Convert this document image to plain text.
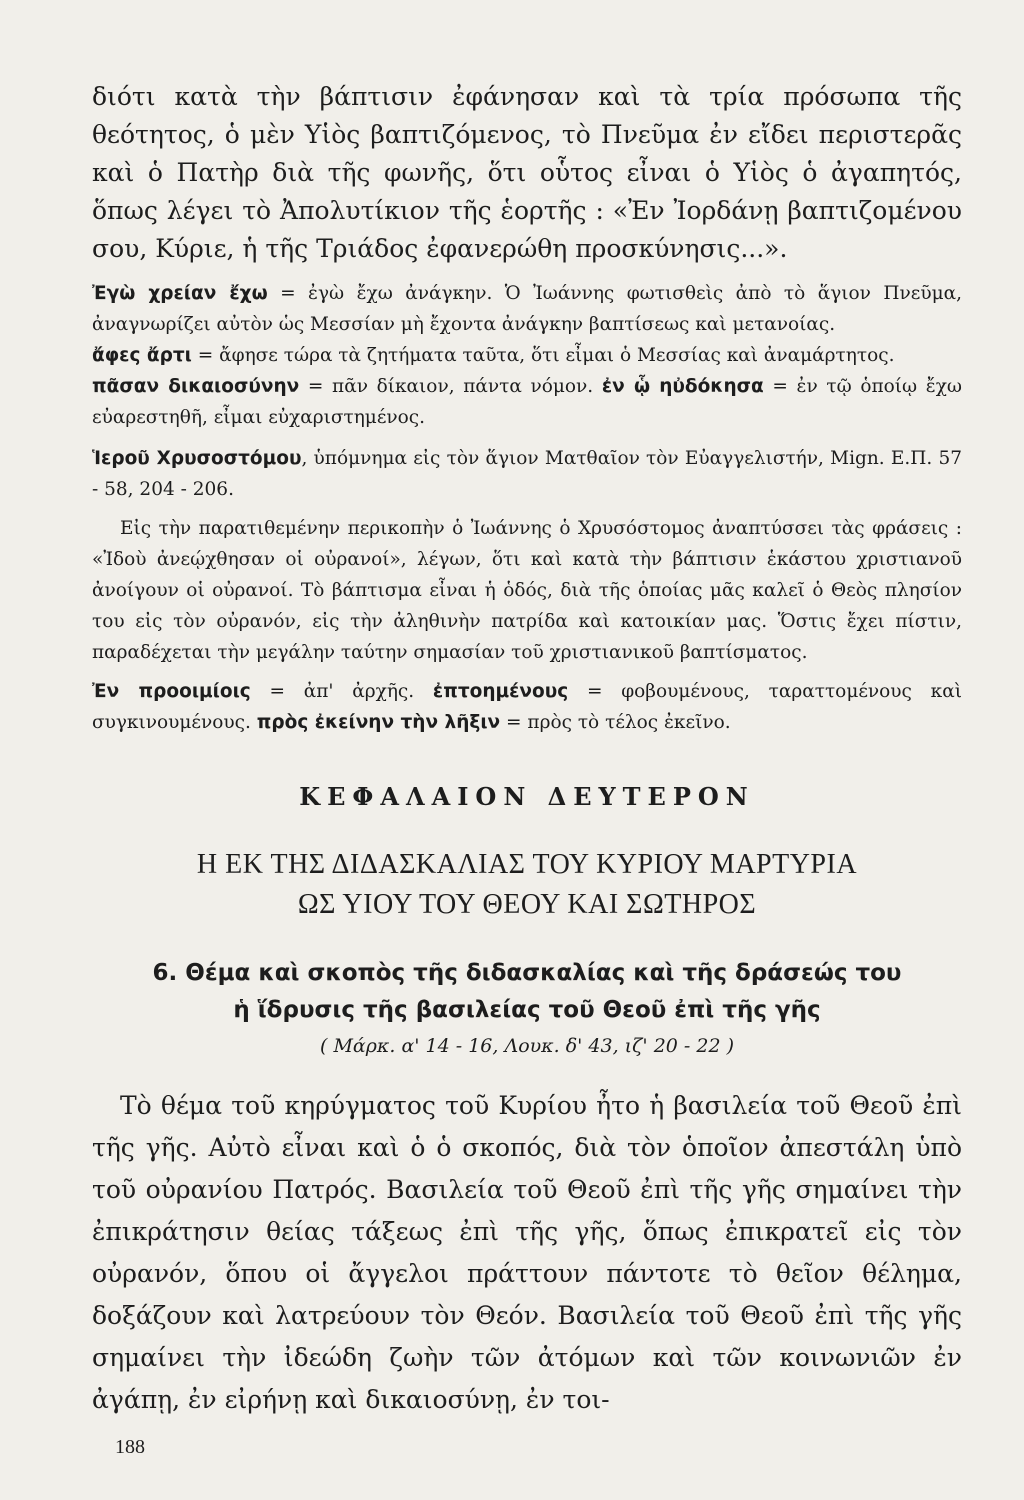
διότι κατὰ τὴν βάπτισιν ἐφάνησαν καὶ τὰ τρία πρόσωπα τῆς θεότητος, ὁ μὲν Υἱὸς βαπτιζόμενος, τὸ Πνεῦμα ἐν εἴδει περιστερᾶς καὶ ὁ Πατὴρ διὰ τῆς φωνῆς, ὅτι οὗτος εἶναι ὁ Υἱὸς ὁ ἀγαπητός, ὅπως λέγει τὸ Ἀπολυτίκιον τῆς ἑορτῆς : «Ἐν Ἰορδάνῃ βαπτιζομένου σου, Κύριε, ἡ τῆς Τριάδος ἐφανερώθη προσκύνησις...».

Ἐγὼ χρείαν ἔχω = ἐγὼ ἔχω ἀνάγκην. Ὁ Ἰωάννης φωτισθεὶς ἀπὸ τὸ ἅγιον Πνεῦμα, ἀναγνωρίζει αὐτὸν ὡς Μεσσίαν μὴ ἔχοντα ἀνάγκην βαπτίσεως καὶ μετανοίας.
ἄφες ἄρτι = ἄφησε τώρα τὰ ζητήματα ταῦτα, ὅτι εἶμαι ὁ Μεσσίας καὶ ἀναμάρτητος.
πᾶσαν δικαιοσύνην = πᾶν δίκαιον, πάντα νόμον. ἐν ᾧ ηὐδόκησα = ἐν τῷ ὁποίῳ ἔχω εὐαρεστηθῆ, εἶμαι εὐχαριστημένος.

Ἱεροῦ Χρυσοστόμου, ὑπόμνημα εἰς τὸν ἅγιον Ματθαῖον τὸν Εὐαγγελιστήν, Mign. Ε.Π. 57 - 58, 204 - 206.

Εἰς τὴν παρατιθεμένην περικοπὴν ὁ Ἰωάννης ὁ Χρυσόστομος ἀναπτύσσει τὰς φράσεις : «Ἰδοὺ ἀνεῴχθησαν οἱ οὐρανοί», λέγων, ὅτι καὶ κατὰ τὴν βάπτισιν ἑκάστου χριστιανοῦ ἀνοίγουν οἱ οὐρανοί. Τὸ βάπτισμα εἶναι ἡ ὁδός, διὰ τῆς ὁποίας μᾶς καλεῖ ὁ Θεὸς πλησίον του εἰς τὸν οὐρανόν, εἰς τὴν ἀληθινὴν πατρίδα καὶ κατοικίαν μας. Ὅστις ἔχει πίστιν, παραδέχεται τὴν μεγάλην ταύτην σημασίαν τοῦ χριστιανικοῦ βαπτίσματος.

Ἐν προοιμίοις = ἀπ' ἀρχῆς. ἐπτοημένους = φοβουμένους, ταραττομένους καὶ συγκινουμένους. πρὸς ἐκείνην τὴν λῆξιν = πρὸς τὸ τέλος ἐκεῖνο.

ΚΕΦΑΛΑΙΟΝ ΔΕΥΤΕΡΟΝ
Η ΕΚ ΤΗΣ ΔΙΔΑΣΚΑΛΙΑΣ ΤΟΥ ΚΥΡΙΟΥ ΜΑΡΤΥΡΙΑ
ΩΣ ΥΙΟΥ ΤΟΥ ΘΕΟΥ ΚΑΙ ΣΩΤΗΡΟΣ
6. Θέμα καὶ σκοπὸς τῆς διδασκαλίας καὶ τῆς δράσεώς του
ἡ ἵδρυσις τῆς βασιλείας τοῦ Θεοῦ ἐπὶ τῆς γῆς
( Μάρκ. α' 14 - 16, Λουκ. δ' 43, ιζ' 20 - 22 )

Τὸ θέμα τοῦ κηρύγματος τοῦ Κυρίου ἦτο ἡ βασιλεία τοῦ Θεοῦ ἐπὶ τῆς γῆς. Αὐτὸ εἶναι καὶ ὁ ὁ σκοπός, διὰ τὸν ὁποῖον ἀπεστάλη ὑπὸ τοῦ οὐρανίου Πατρός. Βασιλεία τοῦ Θεοῦ ἐπὶ τῆς γῆς σημαίνει τὴν ἐπικράτησιν θείας τάξεως ἐπὶ τῆς γῆς, ὅπως ἐπικρατεῖ εἰς τὸν οὐρανόν, ὅπου οἱ ἄγγελοι πράττουν πάντοτε τὸ θεῖον θέλημα, δοξάζουν καὶ λατρεύουν τὸν Θεόν. Βασιλεία τοῦ Θεοῦ ἐπὶ τῆς γῆς σημαίνει τὴν ἰδεώδη ζωὴν τῶν ἀτόμων καὶ τῶν κοινωνιῶν ἐν ἀγάπῃ, ἐν εἰρήνῃ καὶ δικαιοσύνῃ, ἐν τοι-

188
